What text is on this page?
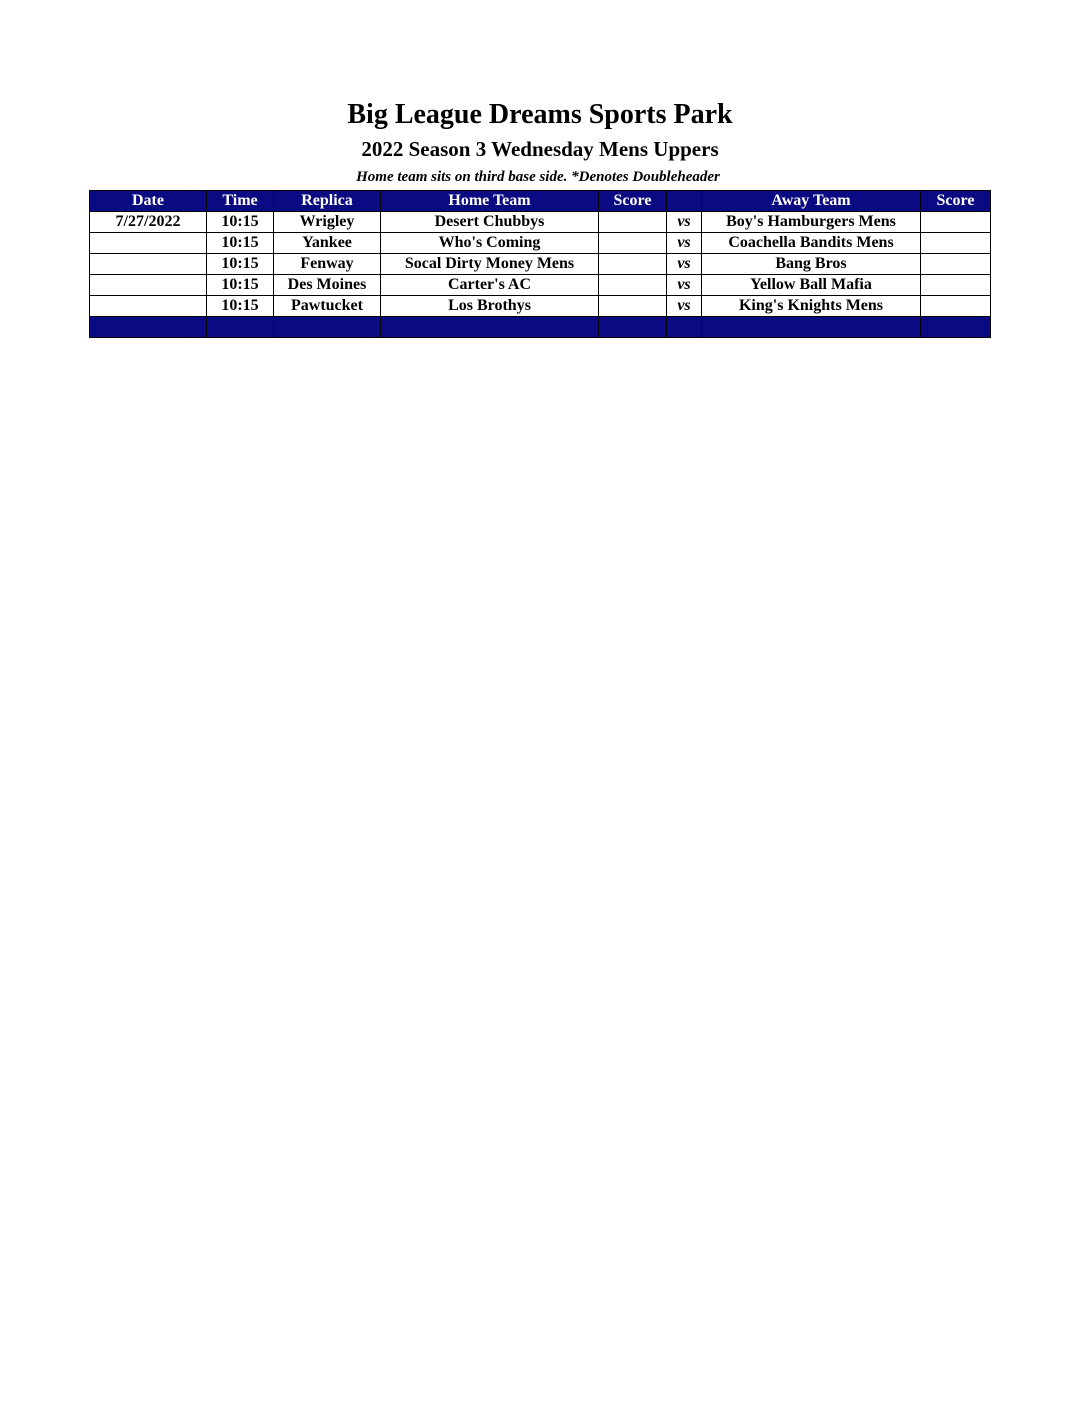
Big League Dreams Sports Park
2022 Season 3 Wednesday Mens Uppers
Home team sits on third base side. *Denotes Doubleheader
Date	Time	Replica	Home Team	Score		Away Team	Score
7/27/2022	10:15	Wrigley	Desert Chubbys		vs	Boy's Hamburgers Mens	
	10:15	Yankee	Who's Coming		vs	Coachella Bandits Mens	
	10:15	Fenway	Socal Dirty Money Mens		vs	Bang Bros	
	10:15	Des Moines	Carter's AC		vs	Yellow Ball Mafia	
	10:15	Pawtucket	Los Brothys		vs	King's Knights Mens	
